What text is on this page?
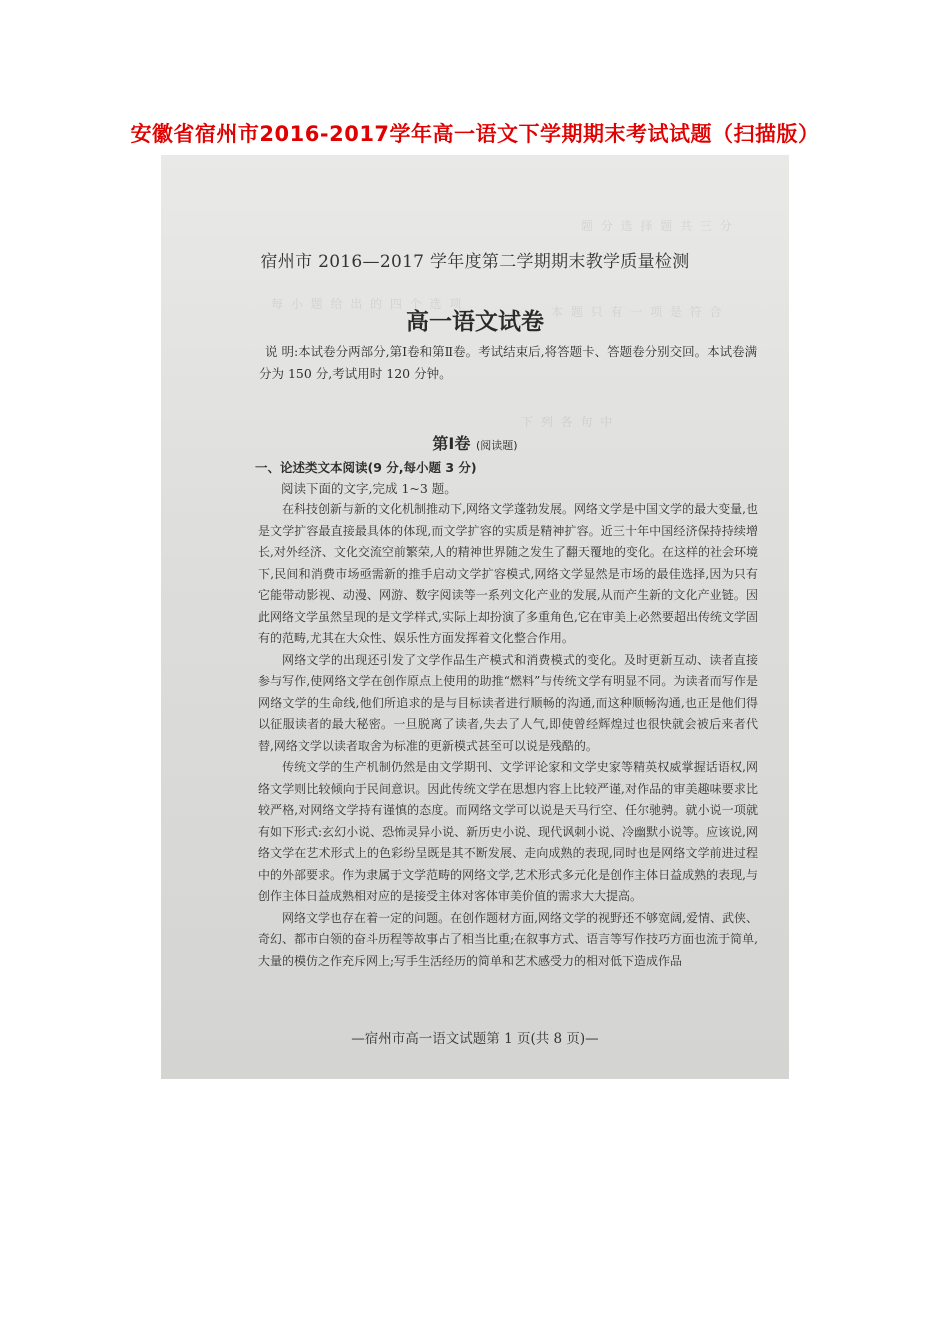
安徽省宿州市2016-2017学年高一语文下学期期末考试试题（扫描版）
题 分 选 择 题 共 三 分
每 小 题 给 出 的 四 个 选 项
本 题 只 有 一 项 是 符 合
下 列 各 句 中
宿州市 2016—2017 学年度第二学期期末教学质量检测
高一语文试卷
说 明:本试卷分两部分,第Ⅰ卷和第Ⅱ卷。考试结束后,将答题卡、答题卷分别交回。本试卷满分为 150 分,考试用时 120 分钟。
第Ⅰ卷 (阅读题)
一、论述类文本阅读(9 分,每小题 3 分)
阅读下面的文字,完成 1~3 题。

在科技创新与新的文化机制推动下,网络文学蓬勃发展。网络文学是中国文学的最大变量,也是文学扩容最直接最具体的体现,而文学扩容的实质是精神扩容。近三十年中国经济保持持续增长,对外经济、文化交流空前繁荣,人的精神世界随之发生了翻天覆地的变化。在这样的社会环境下,民间和消费市场亟需新的推手启动文学扩容模式,网络文学显然是市场的最佳选择,因为只有它能带动影视、动漫、网游、数字阅读等一系列文化产业的发展,从而产生新的文化产业链。因此网络文学虽然呈现的是文学样式,实际上却扮演了多重角色,它在审美上必然要超出传统文学固有的范畴,尤其在大众性、娱乐性方面发挥着文化整合作用。

网络文学的出现还引发了文学作品生产模式和消费模式的变化。及时更新互动、读者直接参与写作,使网络文学在创作原点上使用的助推“燃料”与传统文学有明显不同。为读者而写作是网络文学的生命线,他们所追求的是与目标读者进行顺畅的沟通,而这种顺畅沟通,也正是他们得以征服读者的最大秘密。一旦脱离了读者,失去了人气,即使曾经辉煌过也很快就会被后来者代替,网络文学以读者取舍为标准的更新模式甚至可以说是残酷的。

传统文学的生产机制仍然是由文学期刊、文学评论家和文学史家等精英权威掌握话语权,网络文学则比较倾向于民间意识。因此传统文学在思想内容上比较严谨,对作品的审美趣味要求比较严格,对网络文学持有谨慎的态度。而网络文学可以说是天马行空、任尔驰骋。就小说一项就有如下形式:玄幻小说、恐怖灵异小说、新历史小说、现代讽刺小说、冷幽默小说等。应该说,网络文学在艺术形式上的色彩纷呈既是其不断发展、走向成熟的表现,同时也是网络文学前进过程中的外部要求。作为隶属于文学范畴的网络文学,艺术形式多元化是创作主体日益成熟的表现,与创作主体日益成熟相对应的是接受主体对客体审美价值的需求大大提高。

网络文学也存在着一定的问题。在创作题材方面,网络文学的视野还不够宽阔,爱情、武侠、奇幻、都市白领的奋斗历程等故事占了相当比重;在叙事方式、语言等写作技巧方面也流于简单,大量的模仿之作充斥网上;写手生活经历的简单和艺术感受力的相对低下造成作品

—宿州市高一语文试题第 1 页(共 8 页)—
